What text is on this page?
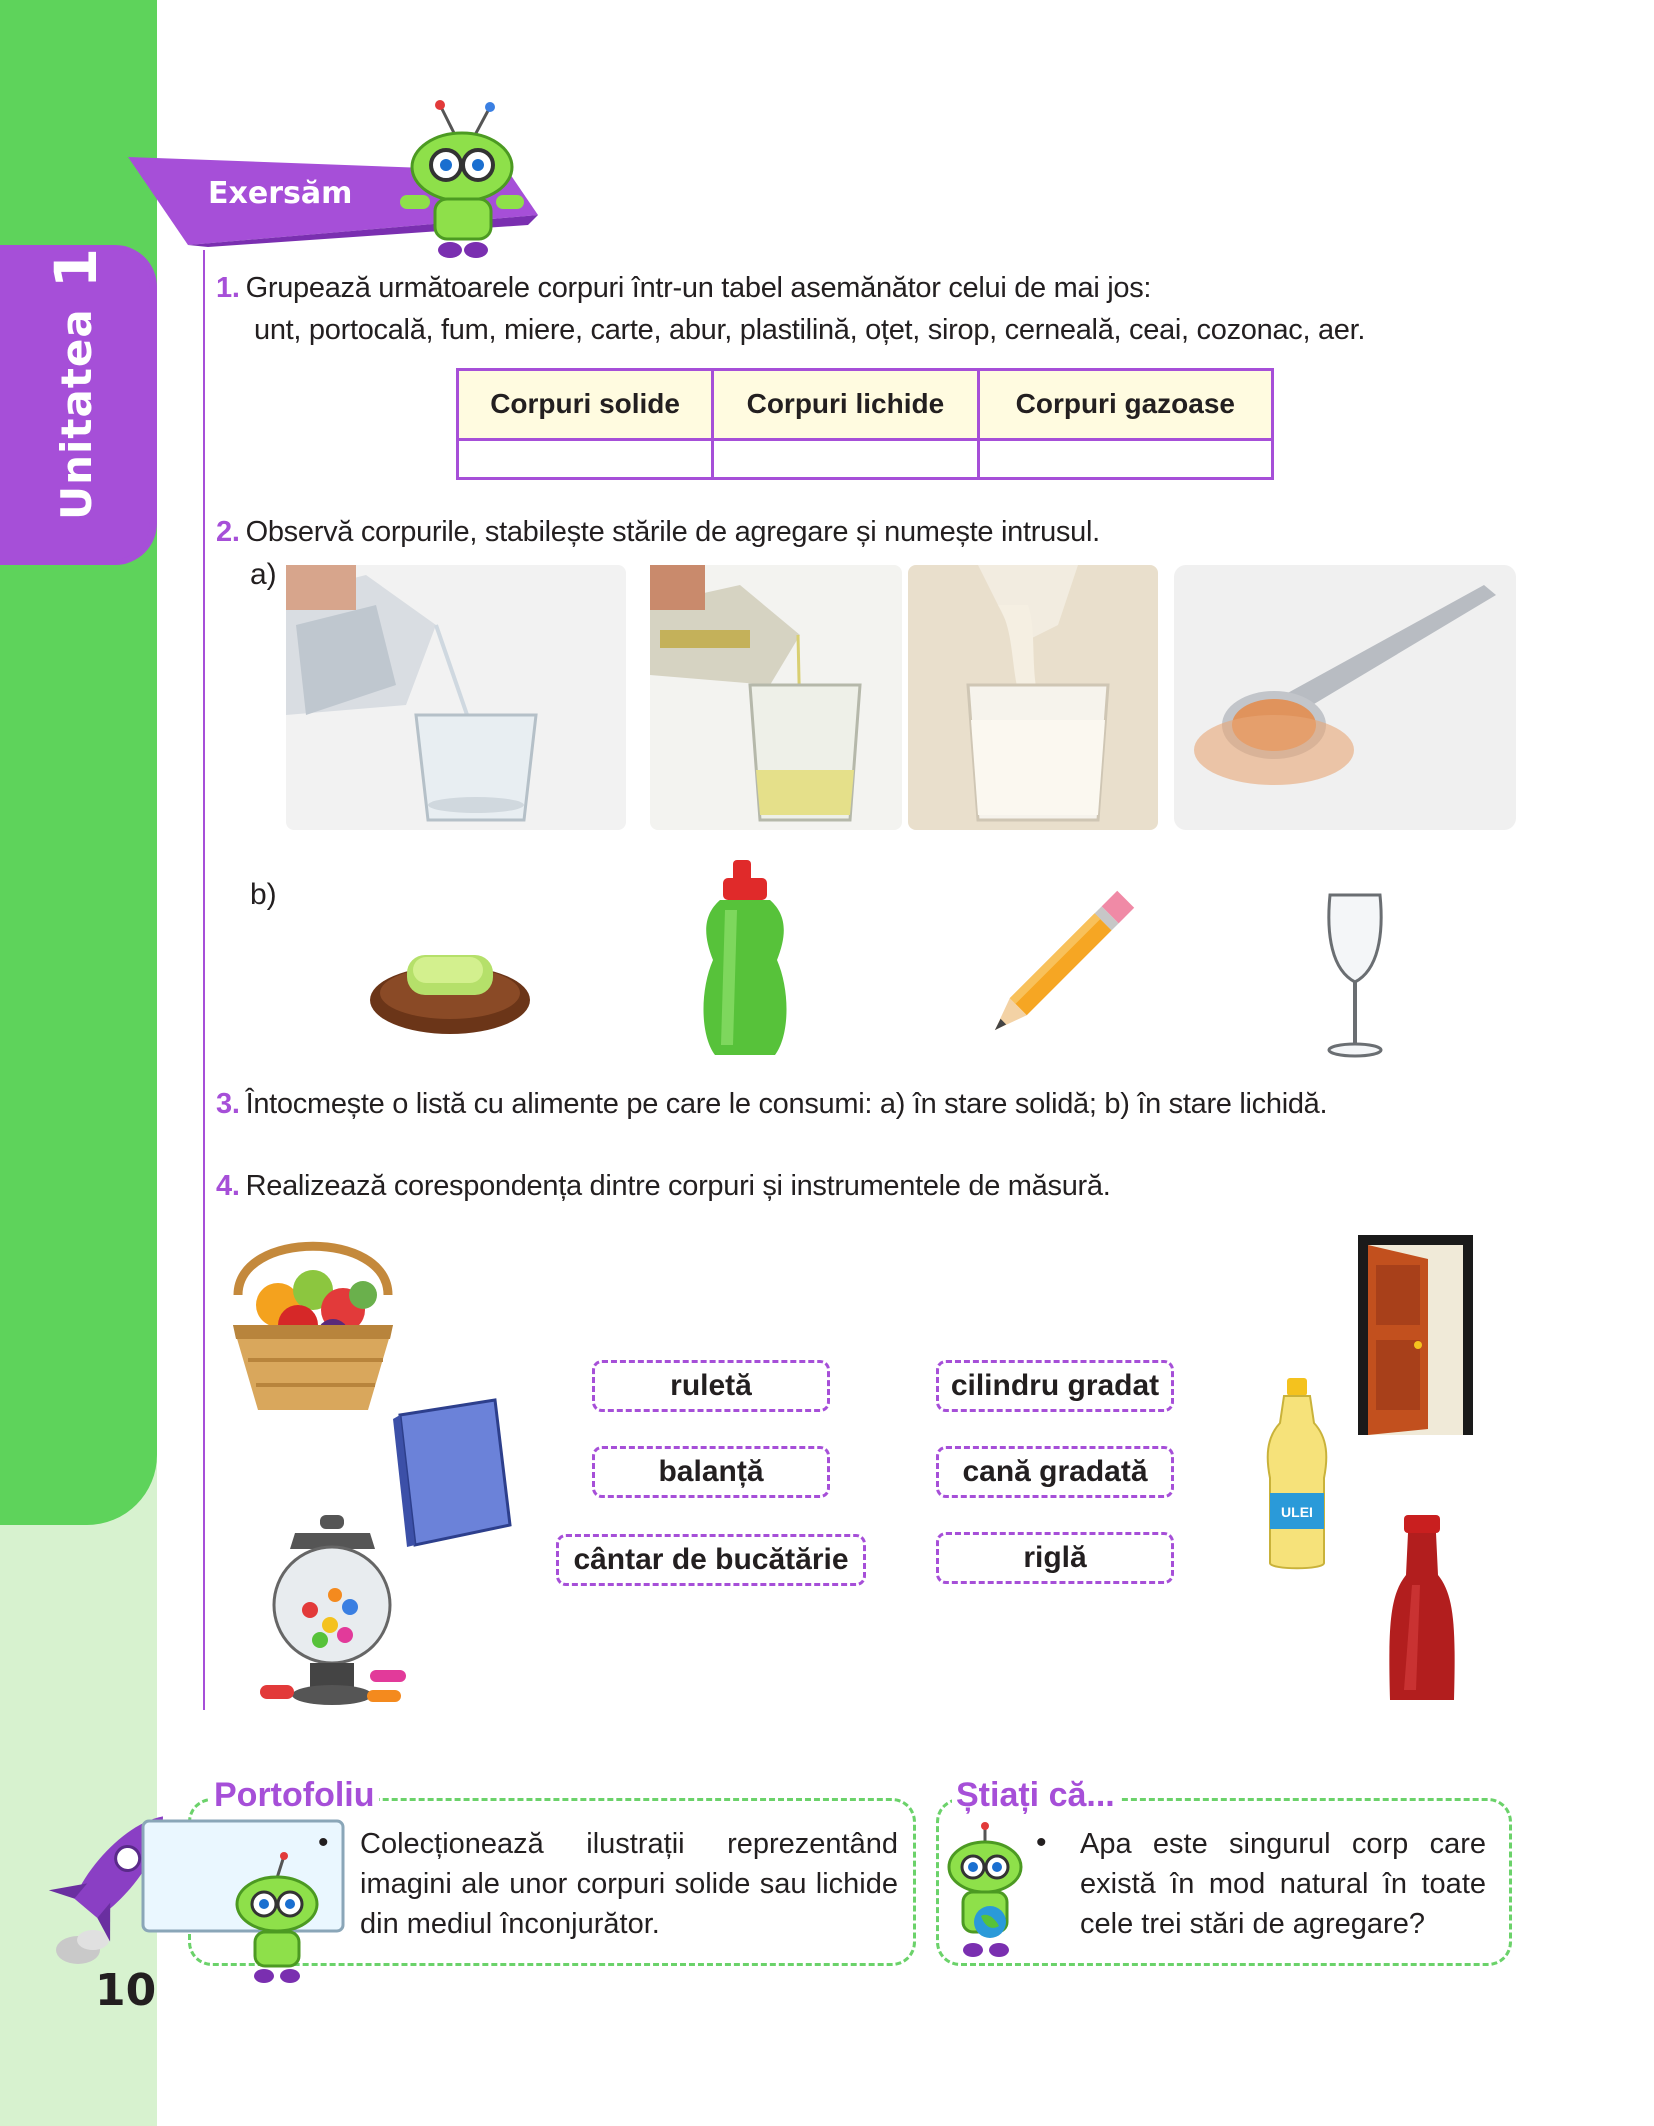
Unitatea
1
10
Exersăm
1. Grupează următoarele corpuri într-un tabel asemănător celui de mai jos:
unt, portocală, fum, miere, carte, abur, plastilină, oțet, sirop, cerneală, ceai, cozonac, aer.
Corpuri solide	Corpuri lichide	Corpuri gazoase

2. Observă corpurile, stabilește stările de agregare și numește intrusul.
a)
b)
3. Întocmește o listă cu alimente pe care le consumi: a) în stare solidă; b) în stare lichidă.
4. Realizează corespondența dintre corpuri și instrumentele de măsură.
ruletă
balanță
cântar de bucătărie
cilindru gradat
cană gradată
riglă
ULEI
Portofoliu
• Colecționează ilustrații reprezentând
imagini ale unor corpuri solide sau lichide
din mediul înconjurător.
Știați că...
• Apa este singurul corp care
există în mod natural în toate
cele trei stări de agregare?
